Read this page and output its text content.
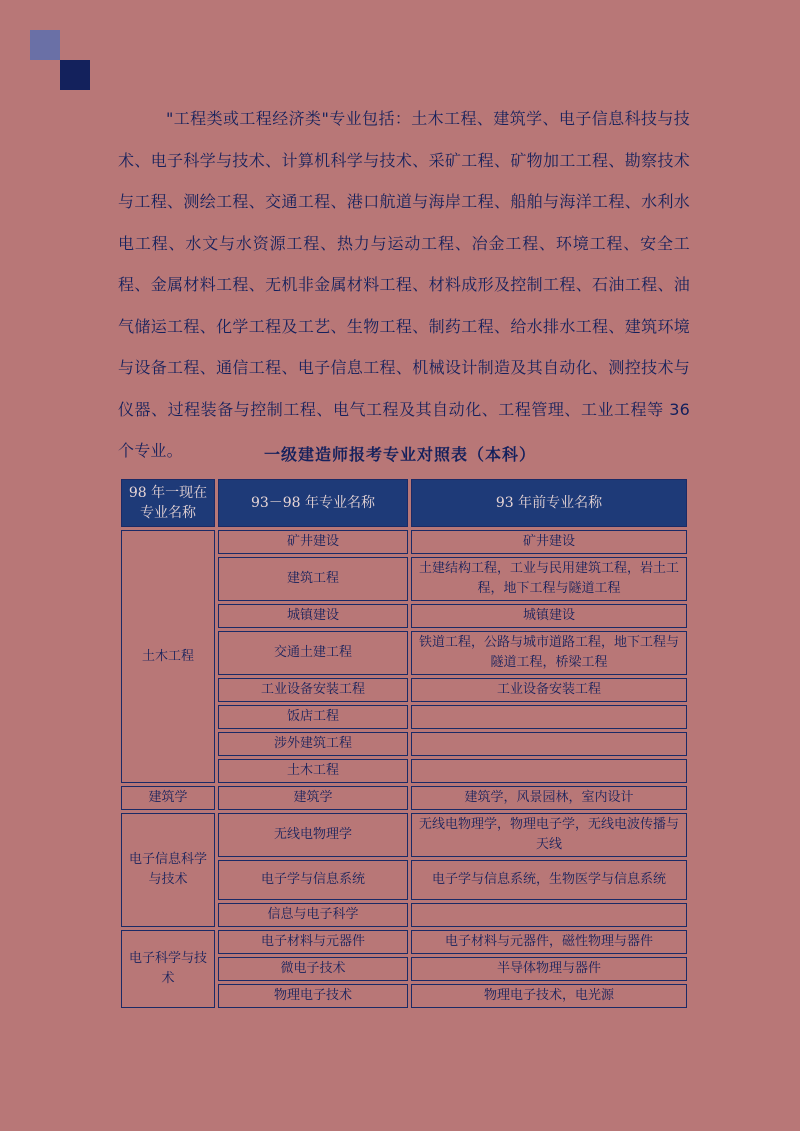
"工程类或工程经济类"专业包括：土木工程、建筑学、电子信息科技与技术、电子科学与技术、计算机科学与技术、采矿工程、矿物加工工程、勘察技术与工程、测绘工程、交通工程、港口航道与海岸工程、船舶与海洋工程、水利水电工程、水文与水资源工程、热力与运动工程、冶金工程、环境工程、安全工程、金属材料工程、无机非金属材料工程、材料成形及控制工程、石油工程、油气储运工程、化学工程及工艺、生物工程、制药工程、给水排水工程、建筑环境与设备工程、通信工程、电子信息工程、机械设计制造及其自动化、测控技术与仪器、过程装备与控制工程、电气工程及其自动化、工程管理、工业工程等 36 个专业。	一级建造师报考专业对照表（本科）
98 年一现在专业名称	93－98 年专业名称	93 年前专业名称
土木工程	矿井建设	矿井建设
	建筑工程	土建结构工程，工业与民用建筑工程，岩土工程，地下工程与隧道工程
	城镇建设	城镇建设
	交通土建工程	铁道工程，公路与城市道路工程，地下工程与隧道工程，桥梁工程
	工业设备安装工程	工业设备安装工程
	饭店工程	
	涉外建筑工程	
	土木工程	
建筑学	建筑学	建筑学，风景园林，室内设计
电子信息科学与技术	无线电物理学	无线电物理学，物理电子学，无线电波传播与天线
	电子学与信息系统	电子学与信息系统，生物医学与信息系统
	信息与电子科学	
电子科学与技术	电子材料与元器件	电子材料与元器件，磁性物理与器件
	微电子技术	半导体物理与器件
	物理电子技术	物理电子技术，电光源
